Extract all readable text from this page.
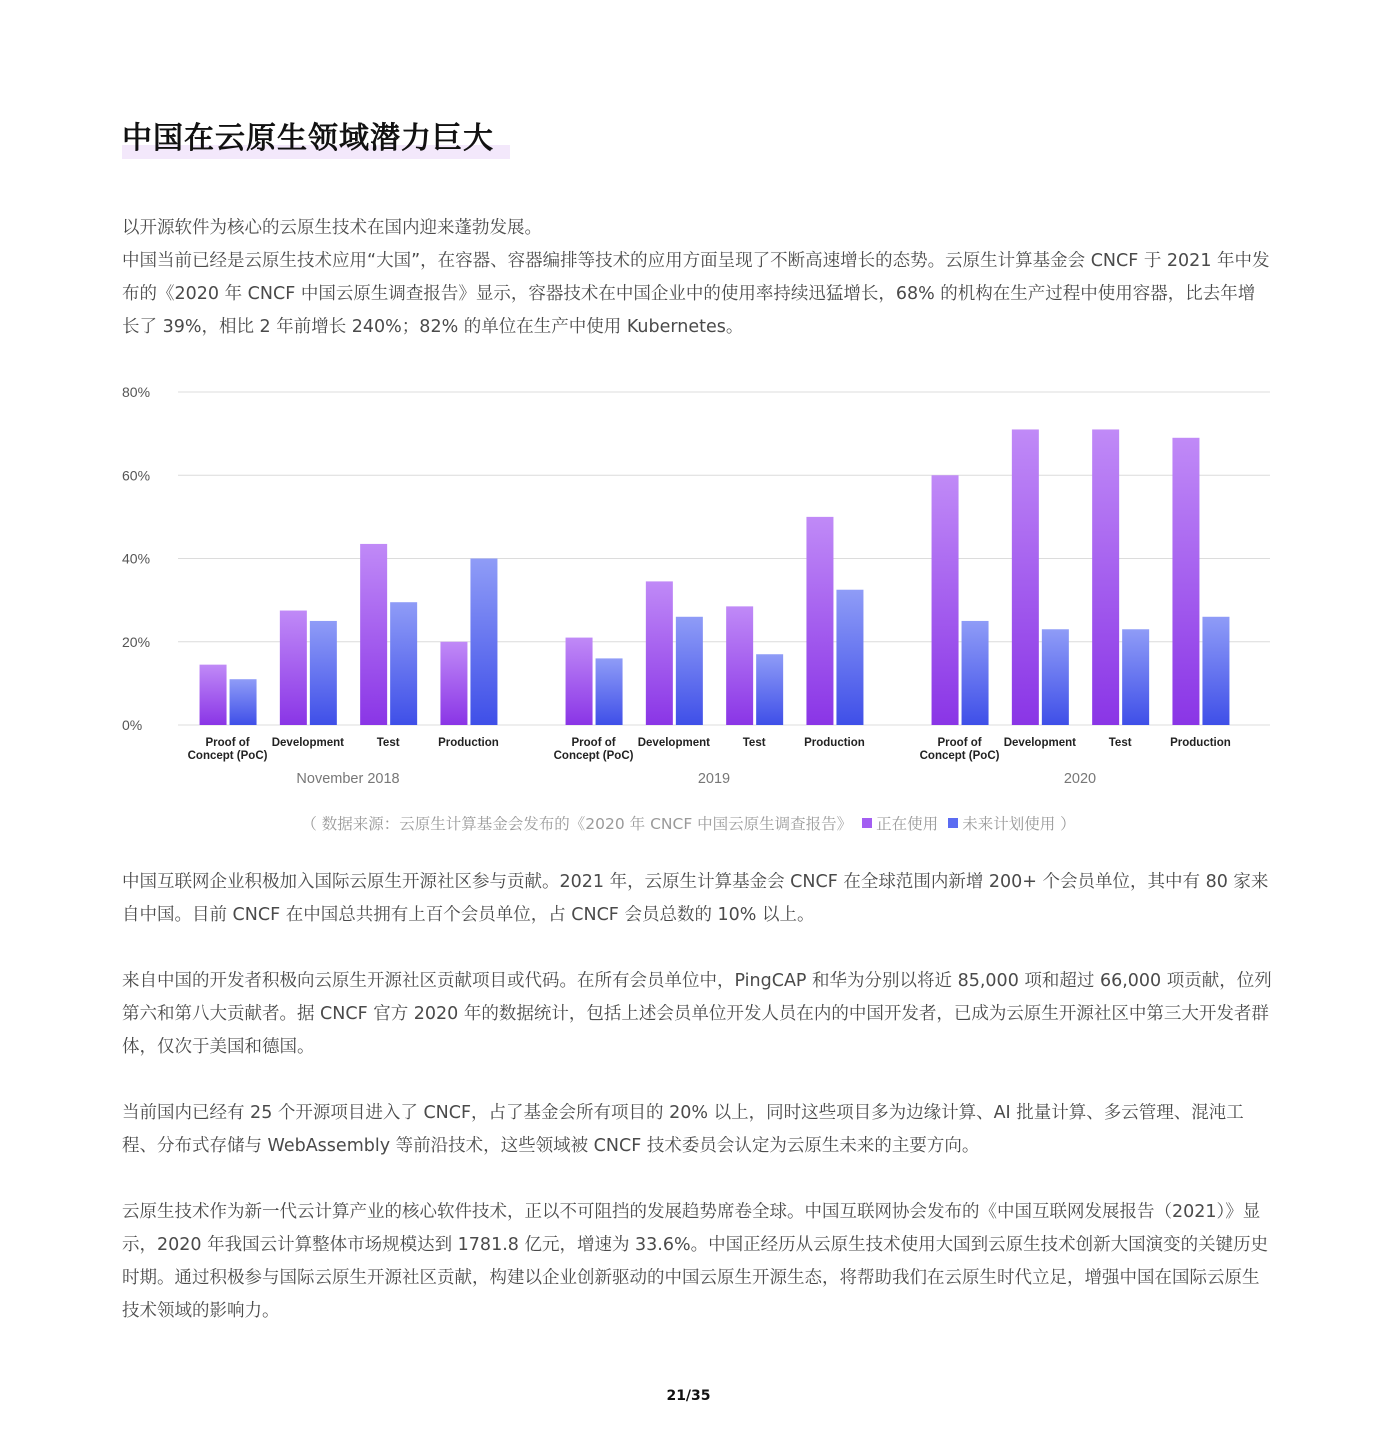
中国在云原生领域潜力巨大

以开源软件为核心的云原生技术在国内迎来蓬勃发展。

中国当前已经是云原生技术应用“大国”，在容器、容器编排等技术的应用方面呈现了不断高速增长的态势。云原生计算基金会 CNCF 于 2021 年中发布的《2020 年 CNCF 中国云原生调查报告》显示，容器技术在中国企业中的使用率持续迅猛增长，68% 的机构在生产过程中使用容器，比去年增长了 39%，相比 2 年前增长 240%；82% 的单位在生产中使用 Kubernetes。

0%
20%
40%
60%
80%
Proof of
Concept (PoC)
Development	Test	Production
November 2018
Proof of
Concept (PoC)
Development	Test	Production
2019
Proof of
Concept (PoC)
Development	Test	Production
2020
（ 数据来源：云原生计算基金会发布的《2020 年 CNCF 中国云原生调查报告》 正在使用 未来计划使用 ）

中国互联网企业积极加入国际云原生开源社区参与贡献。2021 年，云原生计算基金会 CNCF 在全球范围内新增 200+ 个会员单位，其中有 80 家来自中国。目前 CNCF 在中国总共拥有上百个会员单位，占 CNCF 会员总数的 10% 以上。

来自中国的开发者积极向云原生开源社区贡献项目或代码。在所有会员单位中，PingCAP 和华为分别以将近 85,000 项和超过 66,000 项贡献，位列第六和第八大贡献者。据 CNCF 官方 2020 年的数据统计，包括上述会员单位开发人员在内的中国开发者，已成为云原生开源社区中第三大开发者群体，仅次于美国和德国。

当前国内已经有 25 个开源项目进入了 CNCF，占了基金会所有项目的 20% 以上，同时这些项目多为边缘计算、AI 批量计算、多云管理、混沌工程、分布式存储与 WebAssembly 等前沿技术，这些领域被 CNCF 技术委员会认定为云原生未来的主要方向。

云原生技术作为新一代云计算产业的核心软件技术，正以不可阻挡的发展趋势席卷全球。中国互联网协会发布的《中国互联网发展报告（2021）》显示，2020 年我国云计算整体市场规模达到 1781.8 亿元，增速为 33.6%。中国正经历从云原生技术使用大国到云原生技术创新大国演变的关键历史时期。通过积极参与国际云原生开源社区贡献，构建以企业创新驱动的中国云原生开源生态，将帮助我们在云原生时代立足，增强中国在国际云原生技术领域的影响力。

21/35
